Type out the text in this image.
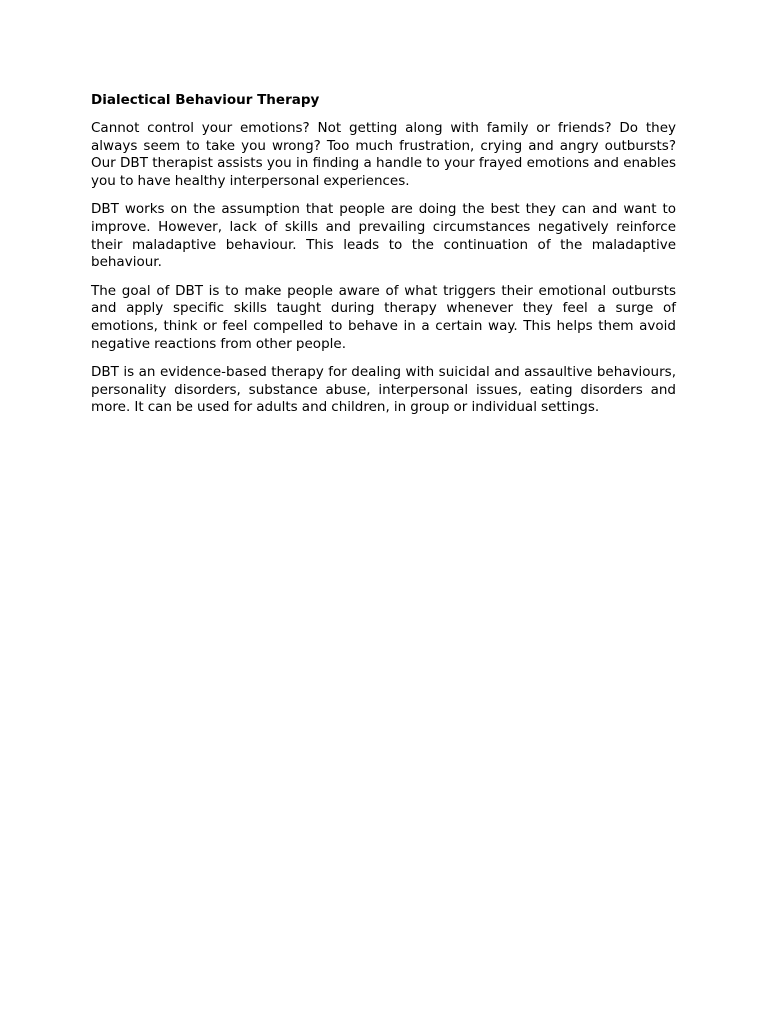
Dialectical Behaviour Therapy

Cannot control your emotions? Not getting along with family or friends? Do they always seem to take you wrong? Too much frustration, crying and angry outbursts? Our DBT therapist assists you in finding a handle to your frayed emotions and enables you to have healthy interpersonal experiences.

DBT works on the assumption that people are doing the best they can and want to improve. However, lack of skills and prevailing circumstances negatively reinforce their maladaptive behaviour. This leads to the continuation of the maladaptive behaviour.

The goal of DBT is to make people aware of what triggers their emotional outbursts and apply specific skills taught during therapy whenever they feel a surge of emotions, think or feel compelled to behave in a certain way. This helps them avoid negative reactions from other people.

DBT is an evidence-based therapy for dealing with suicidal and assaultive behaviours, personality disorders, substance abuse, interpersonal issues, eating disorders and more. It can be used for adults and children, in group or individual settings.
